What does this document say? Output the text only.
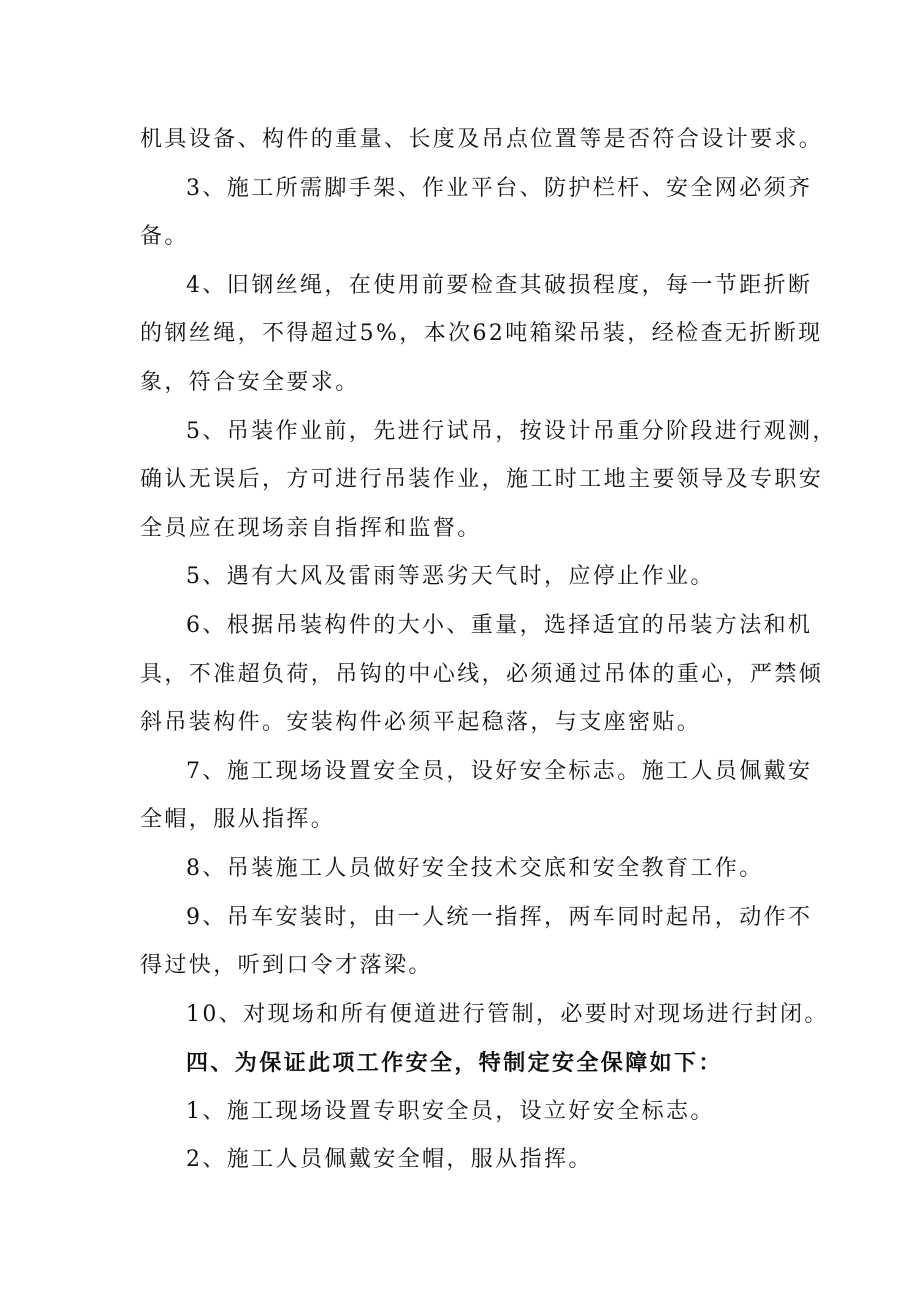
机具设备、构件的重量、长度及吊点位置等是否符合设计要求。
3、施工所需脚手架、作业平台、防护栏杆、安全网必须齐
备。
4、旧钢丝绳，在使用前要检查其破损程度，每一节距折断
的钢丝绳，不得超过5%，本次62吨箱梁吊装，经检查无折断现
象，符合安全要求。
5、吊装作业前，先进行试吊，按设计吊重分阶段进行观测，
确认无误后，方可进行吊装作业，施工时工地主要领导及专职安
全员应在现场亲自指挥和监督。
5、遇有大风及雷雨等恶劣天气时，应停止作业。
6、根据吊装构件的大小、重量，选择适宜的吊装方法和机
具，不准超负荷，吊钩的中心线，必须通过吊体的重心，严禁倾
斜吊装构件。安装构件必须平起稳落，与支座密贴。
7、施工现场设置安全员，设好安全标志。施工人员佩戴安
全帽，服从指挥。
8、吊装施工人员做好安全技术交底和安全教育工作。
9、吊车安装时，由一人统一指挥，两车同时起吊，动作不
得过快，听到口令才落梁。
10、对现场和所有便道进行管制，必要时对现场进行封闭。
四、为保证此项工作安全，特制定安全保障如下：
1、施工现场设置专职安全员，设立好安全标志。
2、施工人员佩戴安全帽，服从指挥。
